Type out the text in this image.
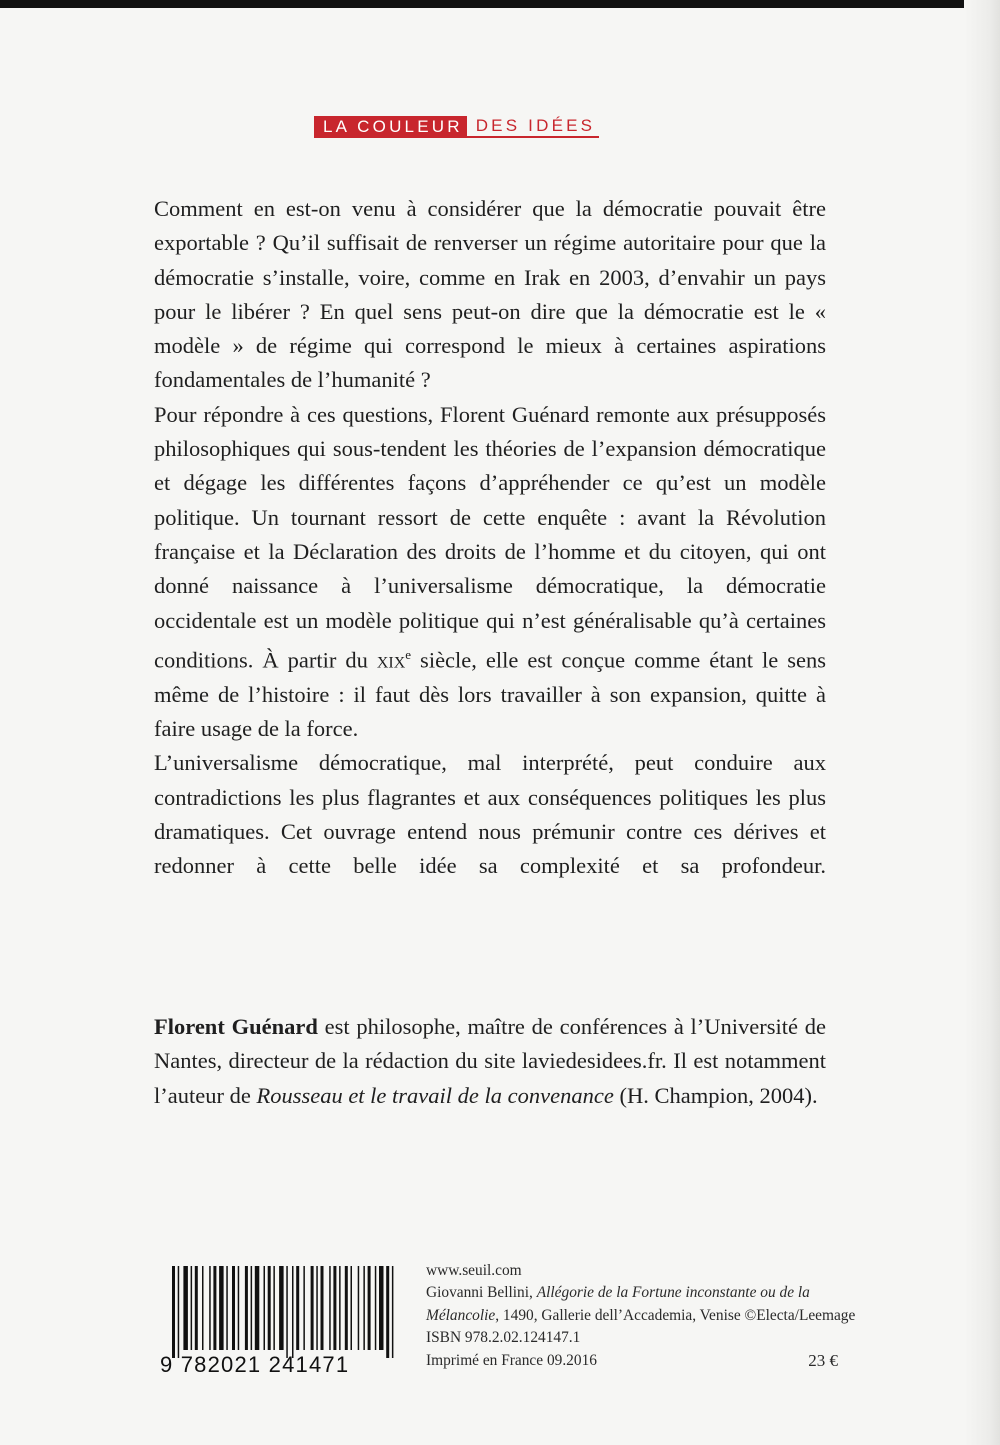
LA COULEUR DES IDÉES

Comment en est-on venu à considérer que la démocratie pouvait être exportable ? Qu’il suffisait de renverser un régime autoritaire pour que la démocratie s’installe, voire, comme en Irak en 2003, d’envahir un pays pour le libérer ? En quel sens peut-on dire que la démocratie est le « modèle » de régime qui correspond le mieux à certaines aspirations fondamentales de l’humanité ?

Pour répondre à ces questions, Florent Guénard remonte aux présupposés philosophiques qui sous-tendent les théories de l’expansion démocratique et dégage les différentes façons d’appréhender ce qu’est un modèle politique. Un tournant ressort de cette enquête : avant la Révolution française et la Déclaration des droits de l’homme et du citoyen, qui ont donné naissance à l’universalisme démocratique, la démocratie occidentale est un modèle politique qui n’est généralisable qu’à certaines conditions. À partir du xix$^e$ siècle, elle est conçue comme étant le sens même de l’histoire : il faut dès lors travailler à son expansion, quitte à faire usage de la force.

L’universalisme démocratique, mal interprété, peut conduire aux contradictions les plus flagrantes et aux conséquences politiques les plus dramatiques. Cet ouvrage entend nous prémunir contre ces dérives et redonner à cette belle idée sa complexité et sa profondeur.

Florent Guénard est philosophe, maître de conférences à l’Université de Nantes, directeur de la rédaction du site laviedesidees.fr. Il est notamment l’auteur de Rousseau et le travail de la convenance (H. Champion, 2004).

9 782021 241471
www.seuil.com
Giovanni Bellini, Allégorie de la Fortune inconstante ou de la
Mélancolie, 1490, Gallerie dell’Accademia, Venise ©Electa/Leemage
ISBN 978.2.02.124147.1
Imprimé en France 09.2016	23 €
